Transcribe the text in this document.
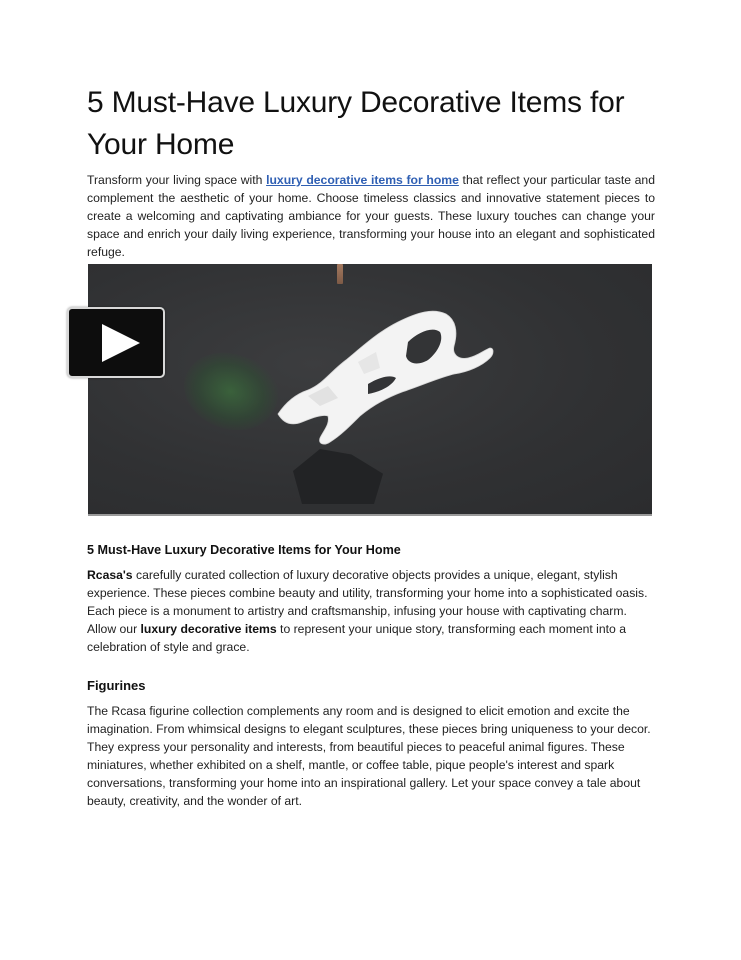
5 Must-Have Luxury Decorative Items for Your Home

Transform your living space with luxury decorative items for home that reflect your particular taste and complement the aesthetic of your home. Choose timeless classics and innovative statement pieces to create a welcoming and captivating ambiance for your guests. These luxury touches can change your space and enrich your daily living experience, transforming your house into an elegant and sophisticated refuge.

5 Must-Have Luxury Decorative Items for Your Home

Rcasa's carefully curated collection of luxury decorative objects provides a unique, elegant, stylish experience. These pieces combine beauty and utility, transforming your home into a sophisticated oasis. Each piece is a monument to artistry and craftsmanship, infusing your house with captivating charm. Allow our luxury decorative items to represent your unique story, transforming each moment into a celebration of style and grace.

Figurines

The Rcasa figurine collection complements any room and is designed to elicit emotion and excite the imagination. From whimsical designs to elegant sculptures, these pieces bring uniqueness to your decor. They express your personality and interests, from beautiful pieces to peaceful animal figures. These miniatures, whether exhibited on a shelf, mantle, or coffee table, pique people's interest and spark conversations, transforming your home into an inspirational gallery. Let your space convey a tale about beauty, creativity, and the wonder of art.
